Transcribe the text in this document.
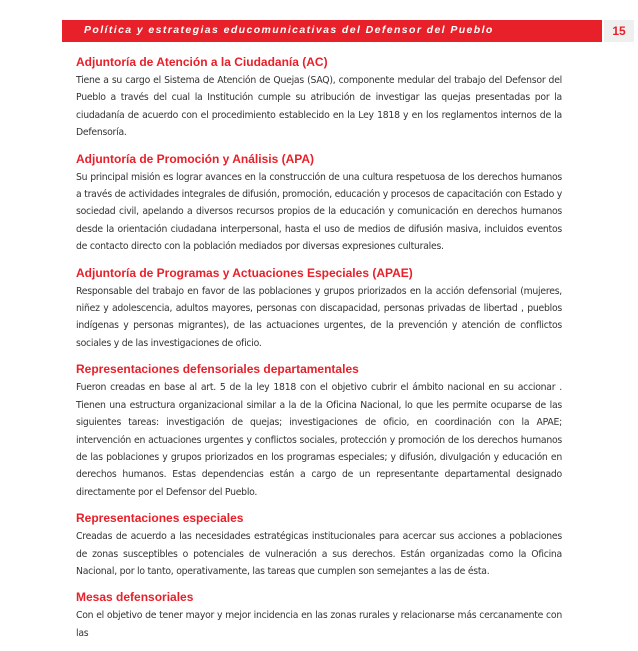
Política y estrategias educomunicativas del Defensor del Pueblo	15
Adjuntoría de Atención a la Ciudadanía (AC)

Tiene a su cargo el Sistema de Atención de Quejas (SAQ), componente medular del trabajo del Defensor del Pueblo a través del cual la Institución cumple su atribución de investigar las quejas presentadas por la ciudadanía de acuerdo con el procedimiento establecido en la Ley 1818 y en los reglamentos internos de la Defensoría.

Adjuntoría de Promoción y Análisis (APA)

Su principal misión es lograr avances en la construcción de una cultura respetuosa de los derechos humanos a través de actividades integrales de difusión, promoción, educación y procesos de capacitación con Estado y sociedad civil, apelando a diversos recursos propios de la educación y comunicación en derechos humanos desde la orientación ciudadana interpersonal, hasta el uso de medios de difusión masiva, incluidos eventos de contacto directo con la población mediados por diversas expresiones culturales.

Adjuntoría de Programas y Actuaciones Especiales (APAE)

Responsable del trabajo en favor de las poblaciones y grupos priorizados en la acción defensorial (mujeres, niñez y adolescencia, adultos mayores, personas con discapacidad, personas privadas de libertad , pueblos indígenas y personas migrantes), de las actuaciones urgentes, de la prevención y atención de conflictos sociales y de las investigaciones de oficio.

Representaciones defensoriales departamentales

Fueron creadas en base al art. 5 de la ley 1818 con el objetivo cubrir el ámbito nacional en su accionar . Tienen una estructura organizacional similar a la de la Oficina Nacional, lo que les permite ocuparse de las siguientes tareas: investigación de quejas; investigaciones de oficio, en coordinación con la APAE; intervención en actuaciones urgentes y conflictos sociales, protección y promoción de los derechos humanos de las poblaciones y grupos priorizados en los programas especiales; y difusión, divulgación y educación en derechos humanos. Estas dependencias están a cargo de un representante departamental designado directamente por el Defensor del Pueblo.

Representaciones especiales

Creadas de acuerdo a las necesidades estratégicas institucionales para acercar sus acciones a poblaciones de zonas susceptibles o potenciales de vulneración a sus derechos. Están organizadas como la Oficina Nacional, por lo tanto, operativamente, las tareas que cumplen son semejantes a las de ésta.

Mesas defensoriales

Con el objetivo de tener mayor y mejor incidencia en las zonas rurales y relacionarse más cercanamente con las
